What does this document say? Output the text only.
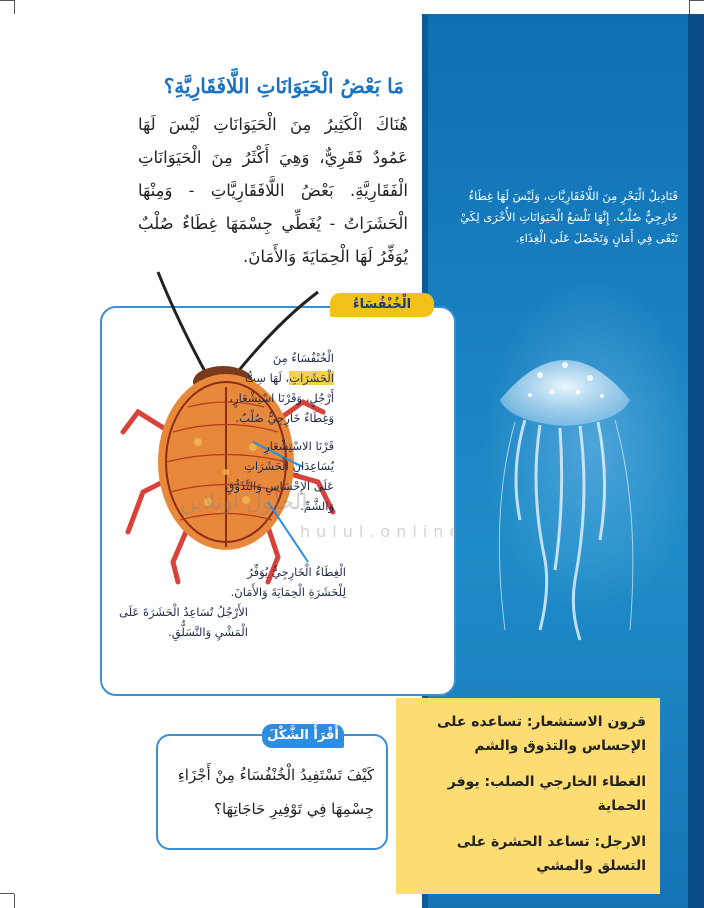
قَنَادِيلُ الْبَحْرِ مِنَ اللَّافَقَارِيَّاتِ، وَلَيْسَ لَهَا غِطَاءٌ خَارِجِيٌّ صُلْبٌ. إِنَّهَا تَلْسَعُ الْحَيَوَانَاتِ الأُخْرَى لِكَيْ تَبْقَى فِي أَمَانٍ وَتَحْصُلَ عَلَى الْغِذَاءِ.
مَا بَعْضُ الْحَيَوَانَاتِ اللَّافَقَارِيَّةِ؟
هُنَاكَ الْكَثِيرُ مِنَ الْحَيَوَانَاتِ لَيْسَ لَهَا عَمُودٌ فَقَرِيٌّ، وَهِيَ أَكْثَرُ مِنَ الْحَيَوَانَاتِ الْفَقَارِيَّةِ. بَعْضُ اللَّافَقَارِيَّاتِ - وَمِنْهَا الْحَشَرَاتُ - يُغَطِّي جِسْمَهَا غِطَاءٌ صُلْبٌ يُوَفِّرُ لَهَا الْحِمَايَةَ وَالأَمَانَ.
الْخُنْفُسَاءُ
الْخُنْفُسَاءُ مِنَ الْحَشَرَاتِ، لَهَا سِتُّ أَرْجُلٍ، وَقَرْنَا اسْتِشْعَارٍ، وَغِطَاءٌ خَارِجِيٌّ صُلْبٌ.
قَرْنَا الاسْتِشْعَارِ يُسَاعِدَانِ الْحَشَرَاتِ عَلَى الإِحْسَاسِ وَالتَّذَوُّقِ وَالشَّمِّ.
الْغِطَاءُ الْخَارِجِيُّ يُوَفِّرُ لِلْحَشَرَةِ الْحِمَايَةَ وَالأَمَانَ.
الأَرْجُلُ تُسَاعِدُ الْحَشَرَةَ عَلَى الْمَشْيِ وَالتَّسَلُّقِ.
الحلول اونلاين
hulul.online
أَقْرَأُ الشَّكْلَ
كَيْفَ تَسْتَفِيدُ الْخُنْفُسَاءُ مِنْ أَجْزَاءِ جِسْمِهَا فِي تَوْفِيرِ حَاجَاتِهَا؟

قرون الاستشعار: تساعده على الإحساس والتذوق والشم

الغطاء الخارجي الصلب: يوفر الحماية

الارجل: تساعد الحشرة على التسلق والمشي
